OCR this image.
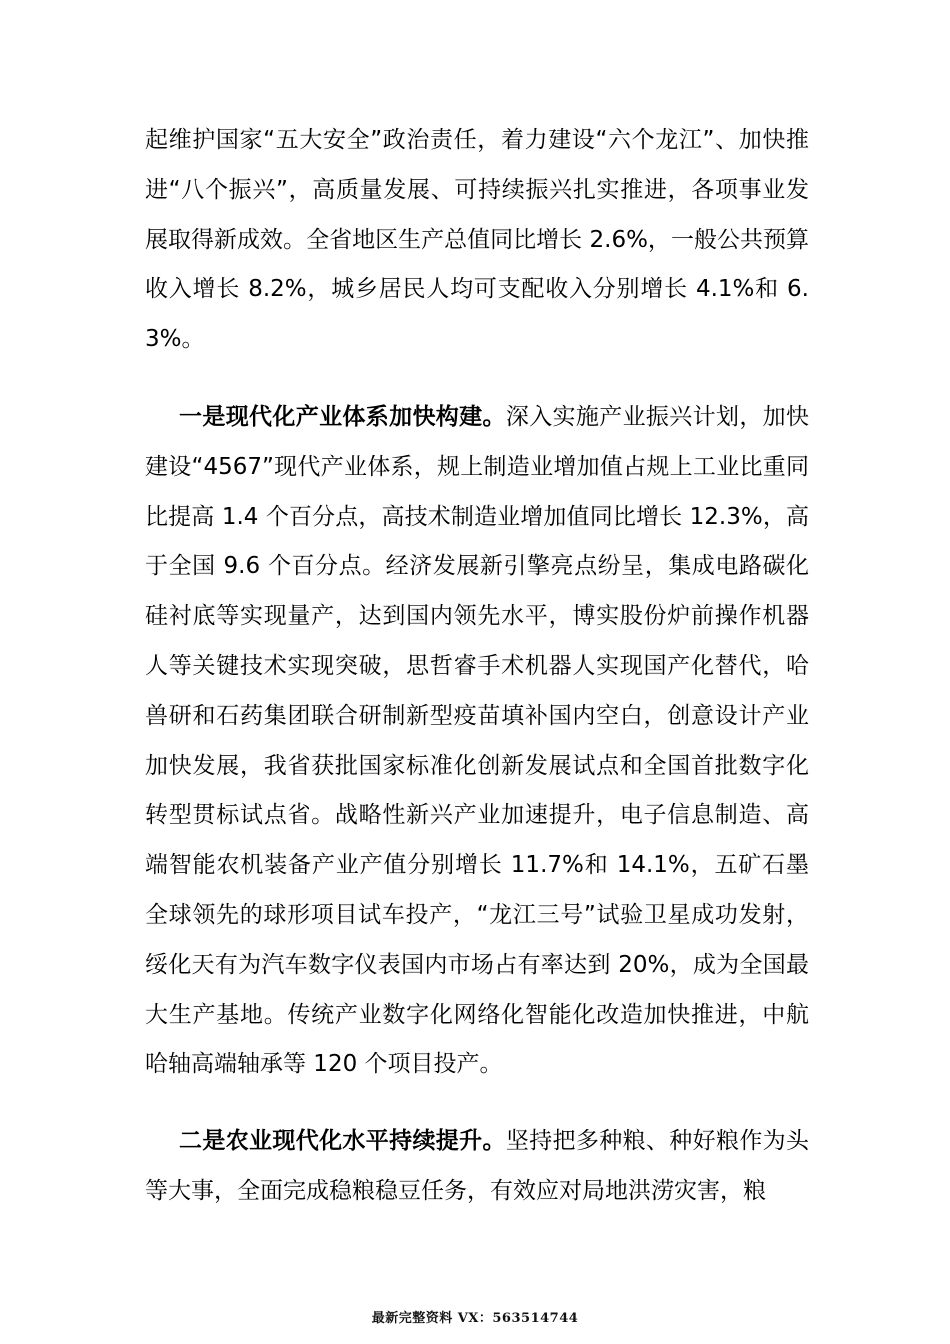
起维护国家“五大安全”政治责任，着力建设“六个龙江”、加快推进“八个振兴”，高质量发展、可持续振兴扎实推进，各项事业发展取得新成效。全省地区生产总值同比增长 2.6%，一般公共预算收入增长 8.2%，城乡居民人均可支配收入分别增长 4.1%和 6.3%。

一是现代化产业体系加快构建。深入实施产业振兴计划，加快建设“4567”现代产业体系，规上制造业增加值占规上工业比重同比提高 1.4 个百分点，高技术制造业增加值同比增长 12.3%，高于全国 9.6 个百分点。经济发展新引擎亮点纷呈，集成电路碳化硅衬底等实现量产，达到国内领先水平，博实股份炉前操作机器人等关键技术实现突破，思哲睿手术机器人实现国产化替代，哈兽研和石药集团联合研制新型疫苗填补国内空白，创意设计产业加快发展，我省获批国家标准化创新发展试点和全国首批数字化转型贯标试点省。战略性新兴产业加速提升，电子信息制造、高端智能农机装备产业产值分别增长 11.7%和 14.1%，五矿石墨全球领先的球形项目试车投产，“龙江三号”试验卫星成功发射，绥化天有为汽车数字仪表国内市场占有率达到 20%，成为全国最大生产基地。传统产业数字化网络化智能化改造加快推进，中航哈轴高端轴承等 120 个项目投产。

二是农业现代化水平持续提升。坚持把多种粮、种好粮作为头等大事，全面完成稳粮稳豆任务，有效应对局地洪涝灾害，粮

最新完整资料 VX：563514744
